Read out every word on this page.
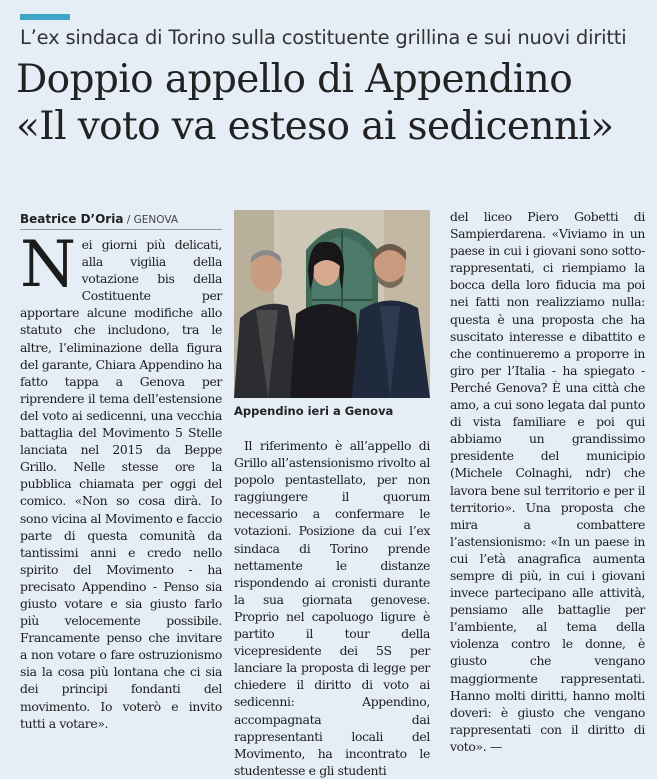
L’ex sindaca di Torino sulla costituente grillina e sui nuovi diritti
Doppio appello di Appendino
«Il voto va esteso ai sedicenni»
Beatrice D’Oria / GENOVA
N ei giorni più delicati, alla vigilia della votazione bis della Costituente per apportare alcune modifiche allo statuto che includono, tra le altre, l’eliminazione della figura del garante, Chiara Appendino ha fatto tappa a Genova per riprendere il tema dell’estensione del voto ai sedicenni, una vecchia battaglia del Movimento 5 Stelle lanciata nel 2015 da Beppe Grillo. Nelle stesse ore la pubblica chiamata per oggi del comico. «Non so cosa dirà. Io sono vicina al Movimento e faccio parte di questa comunità da tantissimi anni e credo nello spirito del Movimento - ha precisato Appendino - Penso sia giusto votare e sia giusto farlo più velocemente possibile. Francamente penso che invitare a non votare o fare ostruzionismo sia la cosa più lontana che ci sia dei principi fondanti del movimento. Io voterò e invito tutti a votare».

Appendino ieri a Genova

Il riferimento è all’appello di Grillo all’astensionismo rivolto al popolo pentastellato, per non raggiungere il quorum necessario a confermare le votazioni. Posizione da cui l’ex sindaca di Torino prende nettamente le distanze rispondendo ai cronisti durante la sua giornata genovese. Proprio nel capoluogo ligure è partito il tour della vicepresidente dei 5S per lanciare la proposta di legge per chiedere il diritto di voto ai sedicenni: Appendino, accompagnata dai rappresentanti locali del Movimento, ha incontrato le studentesse e gli studenti

del liceo Piero Gobetti di Sampierdarena. «Viviamo in un paese in cui i giovani sono sotto-rappresentati, ci riempiamo la bocca della loro fiducia ma poi nei fatti non realizziamo nulla: questa è una proposta che ha suscitato interesse e dibattito e che continueremo a proporre in giro per l’Italia - ha spiegato - Perché Genova? È una città che amo, a cui sono legata dal punto di vista familiare e poi qui abbiamo un grandissimo presidente del municipio (Michele Colnaghi, ndr) che lavora bene sul territorio e per il territorio». Una proposta che mira a combattere l’astensionismo: «In un paese in cui l’età anagrafica aumenta sempre di più, in cui i giovani invece partecipano alle attività, pensiamo alle battaglie per l’ambiente, al tema della violenza contro le donne, è giusto che vengano maggiormente rappresentati. Hanno molti diritti, hanno molti doveri: è giusto che vengano rappresentati con il diritto di voto». —
